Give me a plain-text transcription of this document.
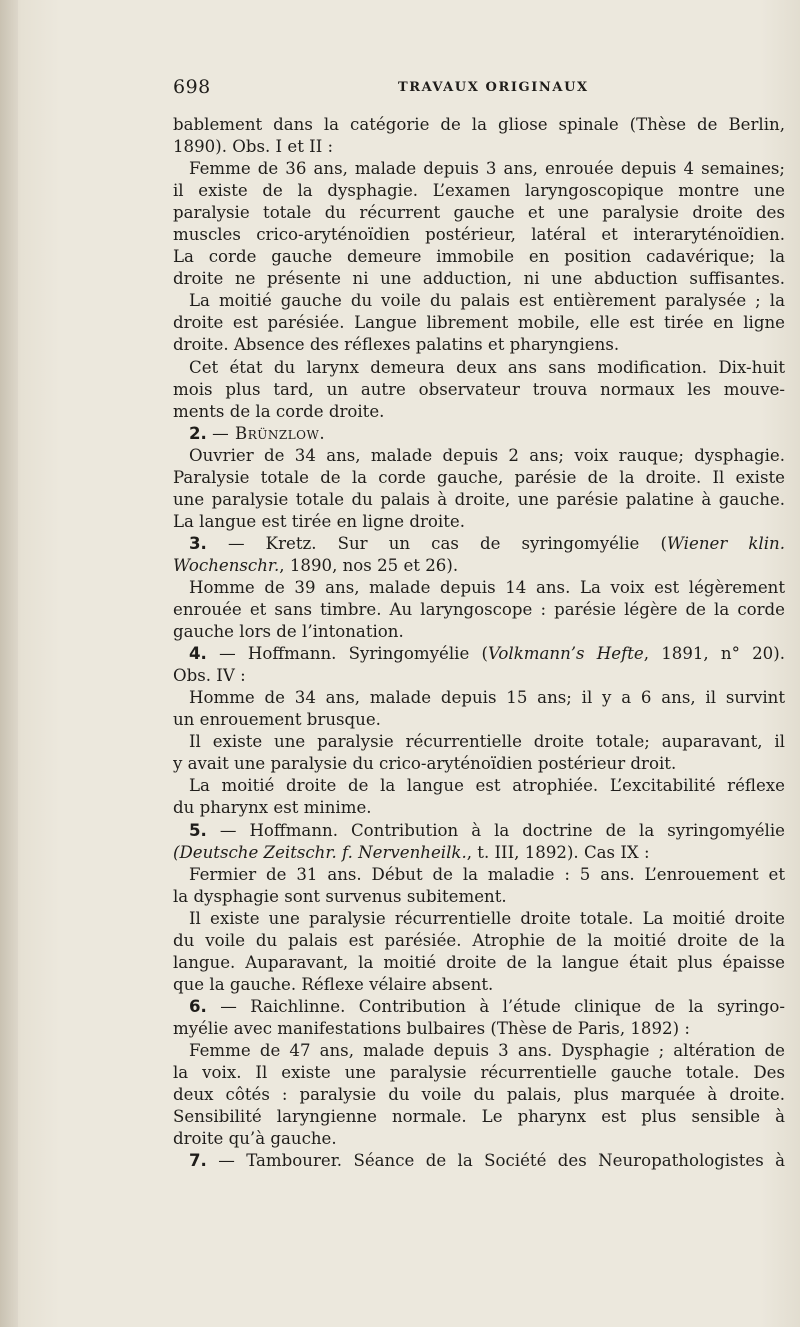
698	TRAVAUX ORIGINAUX
bablement dans la catégorie de la gliose spinale (Thèse de Berlin,
1890). Obs. I et II :
Femme de 36 ans, malade depuis 3 ans, enrouée depuis 4 semaines;
il existe de la dysphagie. L’examen laryngoscopique montre une
paralysie totale du récurrent gauche et une paralysie droite des
muscles crico-aryténoïdien postérieur, latéral et interaryténoïdien.
La corde gauche demeure immobile en position cadavérique; la
droite ne présente ni une adduction, ni une abduction suffisantes.
La moitié gauche du voile du palais est entièrement paralysée ; la
droite est parésiée. Langue librement mobile, elle est tirée en ligne
droite. Absence des réflexes palatins et pharyngiens.
Cet état du larynx demeura deux ans sans modification. Dix-huit
mois plus tard, un autre observateur trouva normaux les mouve-
ments de la corde droite.
2. — Brünzlow.
Ouvrier de 34 ans, malade depuis 2 ans; voix rauque; dysphagie.
Paralysie totale de la corde gauche, parésie de la droite. Il existe
une paralysie totale du palais à droite, une parésie palatine à gauche.
La langue est tirée en ligne droite.
3. — Kretz. Sur un cas de syringomyélie (Wiener klin.
Wochenschr., 1890, nos 25 et 26).
Homme de 39 ans, malade depuis 14 ans. La voix est légèrement
enrouée et sans timbre. Au laryngoscope : parésie légère de la corde
gauche lors de l’intonation.
4. — Hoffmann. Syringomyélie (Volkmann’s Hefte, 1891, n° 20).
Obs. IV :
Homme de 34 ans, malade depuis 15 ans; il y a 6 ans, il survint
un enrouement brusque.
Il existe une paralysie récurrentielle droite totale; auparavant, il
y avait une paralysie du crico-aryténoïdien postérieur droit.
La moitié droite de la langue est atrophiée. L’excitabilité réflexe
du pharynx est minime.
5. — Hoffmann. Contribution à la doctrine de la syringomyélie
(Deutsche Zeitschr. f. Nervenheilk., t. III, 1892). Cas IX :
Fermier de 31 ans. Début de la maladie : 5 ans. L’enrouement et
la dysphagie sont survenus subitement.
Il existe une paralysie récurrentielle droite totale. La moitié droite
du voile du palais est parésiée. Atrophie de la moitié droite de la
langue. Auparavant, la moitié droite de la langue était plus épaisse
que la gauche. Réflexe vélaire absent.
6. — Raichlinne. Contribution à l’étude clinique de la syringo-
myélie avec manifestations bulbaires (Thèse de Paris, 1892) :
Femme de 47 ans, malade depuis 3 ans. Dysphagie ; altération de
la voix. Il existe une paralysie récurrentielle gauche totale. Des
deux côtés : paralysie du voile du palais, plus marquée à droite.
Sensibilité laryngienne normale. Le pharynx est plus sensible à
droite qu’à gauche.
7. — Tambourer. Séance de la Société des Neuropathologistes à
